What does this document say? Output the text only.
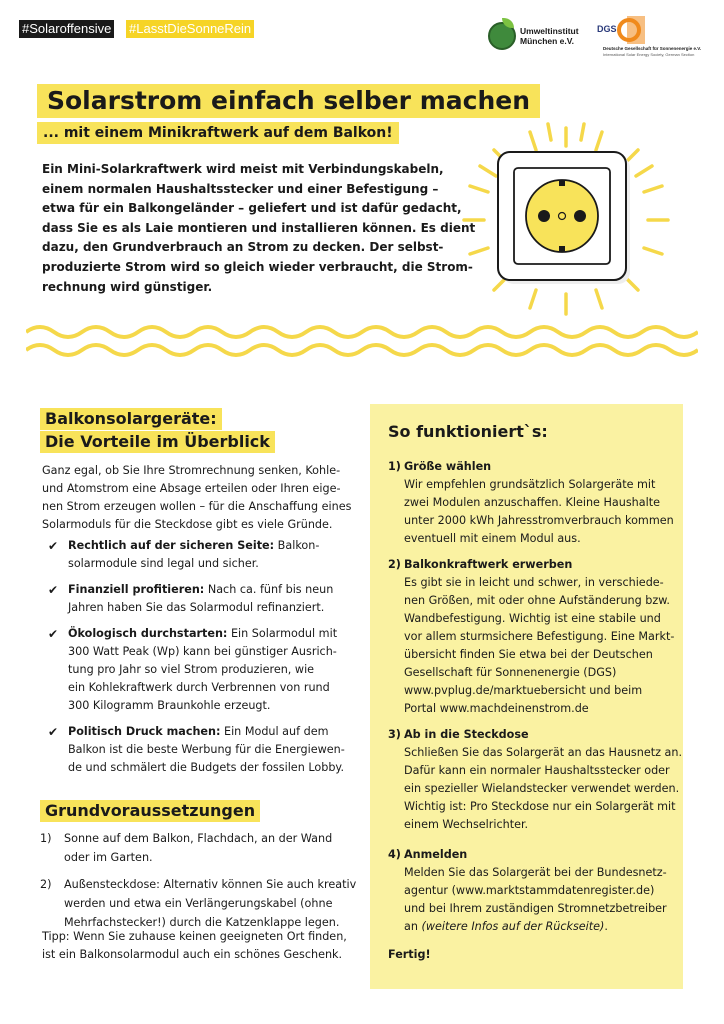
#Solaroffensive #LasstDieSonneRein	Umweltinstitut
München e.V.
DGS
Deutsche Gesellschaft für Sonnenenergie e.V.
International Solar Energy Society, German Section
Solarstrom einfach selber machen
... mit einem Minikraftwerk auf dem Balkon!

Ein Mini-Solarkraftwerk wird meist mit Verbindungskabeln,

einem normalen Haushaltsstecker und einer Befestigung –

etwa für ein Balkongeländer – geliefert und ist dafür gedacht,

dass Sie es als Laie montieren und installieren können. Es dient

dazu, den Grundverbrauch an Strom zu decken. Der selbst-

produzierte Strom wird so gleich wieder verbraucht, die Strom-

rechnung wird günstiger.

Balkonsolargeräte:
Die Vorteile im Überblick

Ganz egal, ob Sie Ihre Stromrechnung senken, Kohle-

und Atomstrom eine Absage erteilen oder Ihren eige-

nen Strom erzeugen wollen – für die Anschaffung eines

Solarmoduls für die Steckdose gibt es viele Gründe.

✔ Rechtlich auf der sicheren Seite: Balkon-

solarmodule sind legal und sicher.

✔ Finanziell profitieren: Nach ca. fünf bis neun

Jahren haben Sie das Solarmodul refinanziert.

✔ Ökologisch durchstarten: Ein Solarmodul mit

300 Watt Peak (Wp) kann bei günstiger Ausrich-

tung pro Jahr so viel Strom produzieren, wie

ein Kohlekraftwerk durch Verbrennen von rund

300 Kilogramm Braunkohle erzeugt.

✔ Politisch Druck machen: Ein Modul auf dem

Balkon ist die beste Werbung für die Energiewen-

de und schmälert die Budgets der fossilen Lobby.

Grundvoraussetzungen
1) Sonne auf dem Balkon, Flachdach, an der Wand

oder im Garten.

2) Außensteckdose: Alternativ können Sie auch kreativ

werden und etwa ein Verlängerungskabel (ohne

Mehrfachstecker!) durch die Katzenklappe legen.

Tipp: Wenn Sie zuhause keinen geeigneten Ort finden,

ist ein Balkonsolarmodul auch ein schönes Geschenk.

So funktioniert`s:
1) Größe wählen

Wir empfehlen grundsätzlich Solargeräte mit

zwei Modulen anzuschaffen. Kleine Haushalte

unter 2000 kWh Jahresstromverbrauch kommen

eventuell mit einem Modul aus.

2) Balkonkraftwerk erwerben

Es gibt sie in leicht und schwer, in verschiede-

nen Größen, mit oder ohne Aufständerung bzw.

Wandbefestigung. Wichtig ist eine stabile und

vor allem sturmsichere Befestigung. Eine Markt-

übersicht finden Sie etwa bei der Deutschen

Gesellschaft für Sonnenenergie (DGS)

www.pvplug.de/marktuebersicht und beim

Portal www.machdeinenstrom.de

3) Ab in die Steckdose

Schließen Sie das Solargerät an das Hausnetz an.

Dafür kann ein normaler Haushaltsstecker oder

ein spezieller Wielandstecker verwendet werden.

Wichtig ist: Pro Steckdose nur ein Solargerät mit

einem Wechselrichter.

4) Anmelden

Melden Sie das Solargerät bei der Bundesnetz-

agentur (www.marktstammdatenregister.de)

und bei Ihrem zuständigen Stromnetzbetreiber

an (weitere Infos auf der Rückseite).

Fertig!
